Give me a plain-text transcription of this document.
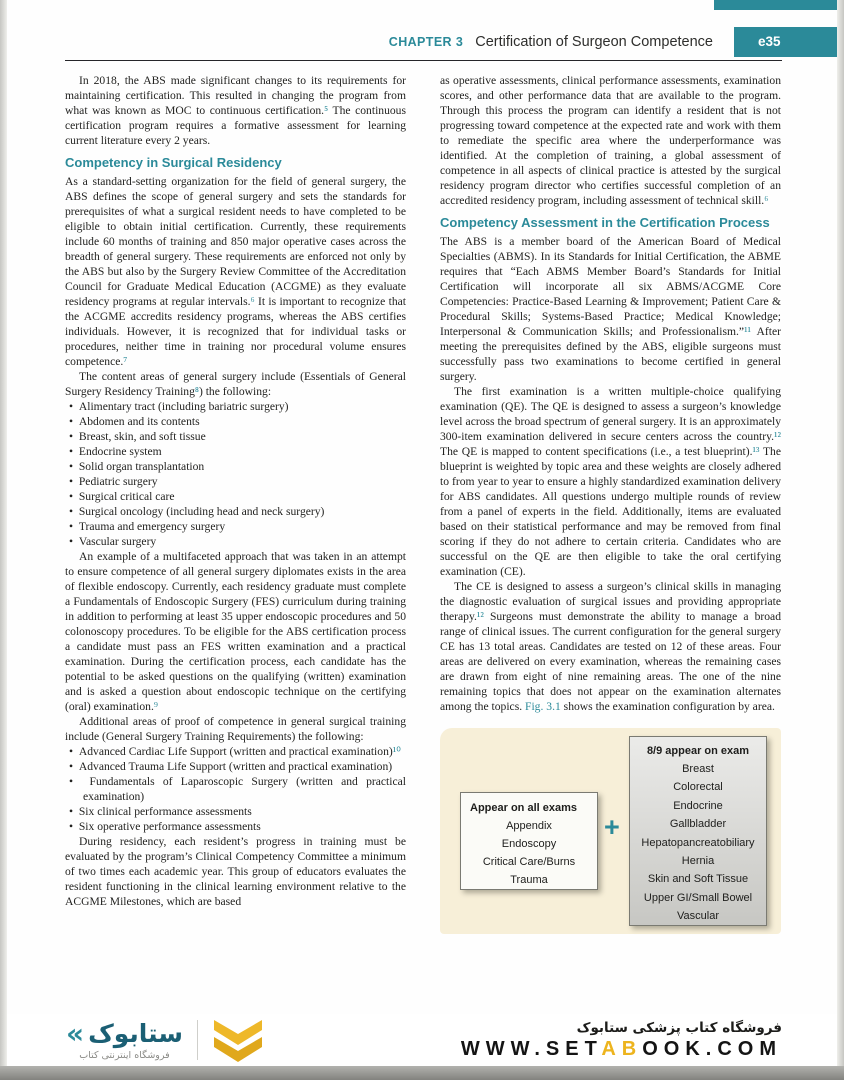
e35
CHAPTER 3 Certification of Surgeon Competence

In 2018, the ABS made significant changes to its requirements for maintaining certification. This resulted in changing the program from what was known as MOC to continuous certification.⁵ The continuous certification program requires a formative assessment for learning current literature every 2 years.

Competency in Surgical Residency

As a standard-setting organization for the field of general surgery, the ABS defines the scope of general surgery and sets the standards for prerequisites of what a surgical resident needs to have completed to be eligible to obtain initial certification. Currently, these requirements include 60 months of training and 850 major operative cases across the breadth of general surgery. These requirements are enforced not only by the ABS but also by the Surgery Review Committee of the Accreditation Council for Graduate Medical Education (ACGME) as they evaluate residency programs at regular intervals.⁶ It is important to recognize that the ACGME accredits residency programs, whereas the ABS certifies individuals. However, it is recognized that for individual tasks or procedures, neither time in training nor procedural volume ensures competence.⁷

The content areas of general surgery include (Essentials of General Surgery Residency Training⁸) the following:

•  Alimentary tract (including bariatric surgery)
•  Abdomen and its contents
•  Breast, skin, and soft tissue
•  Endocrine system
•  Solid organ transplantation
•  Pediatric surgery
•  Surgical critical care
•  Surgical oncology (including head and neck surgery)
•  Trauma and emergency surgery
•  Vascular surgery

An example of a multifaceted approach that was taken in an attempt to ensure competence of all general surgery diplomates exists in the area of flexible endoscopy. Currently, each residency graduate must complete a Fundamentals of Endoscopic Surgery (FES) curriculum during training in addition to performing at least 35 upper endoscopic procedures and 50 colonoscopy procedures. To be eligible for the ABS certification process a candidate must pass an FES written examination and a practical examination. During the certification process, each candidate has the potential to be asked questions on the qualifying (written) examination and is asked a question about endoscopic technique on the certifying (oral) examination.⁹

Additional areas of proof of competence in general surgical training include (General Surgery Training Requirements) the following:

•  Advanced Cardiac Life Support (written and practical examination)¹⁰
•  Advanced Trauma Life Support (written and practical examination)
•  Fundamentals of Laparoscopic Surgery (written and practical examination)
•  Six clinical performance assessments
•  Six operative performance assessments

During residency, each resident’s progress in training must be evaluated by the program’s Clinical Competency Committee a minimum of two times each academic year. This group of educators evaluates the resident functioning in the clinical learning environment relative to the ACGME Milestones, which are based

as operative assessments, clinical performance assessments, examination scores, and other performance data that are available to the program. Through this process the program can identify a resident that is not progressing toward competence at the expected rate and work with them to remediate the specific area where the underperformance was identified. At the completion of training, a global assessment of competence in all aspects of clinical practice is attested by the surgical residency program director who certifies successful completion of an accredited residency program, including assessment of technical skill.⁶

Competency Assessment in the Certification Process

The ABS is a member board of the American Board of Medical Specialties (ABMS). In its Standards for Initial Certification, the ABME requires that “Each ABMS Member Board’s Standards for Initial Certification will incorporate all six ABMS/ACGME Core Competencies: Practice-Based Learning & Improvement; Patient Care & Procedural Skills; Systems-Based Practice; Medical Knowledge; Interpersonal & Communication Skills; and Professionalism.”¹¹ After meeting the prerequisites defined by the ABS, eligible surgeons must successfully pass two examinations to become certified in general surgery.

The first examination is a written multiple-choice qualifying examination (QE). The QE is designed to assess a surgeon’s knowledge level across the broad spectrum of general surgery. It is an approximately 300-item examination delivered in secure centers across the country.¹² The QE is mapped to content specifications (i.e., a test blueprint).¹³ The blueprint is weighted by topic area and these weights are closely adhered to from year to year to ensure a highly standardized examination delivery for ABS candidates. All questions undergo multiple rounds of review from a panel of experts in the field. Additionally, items are evaluated based on their statistical performance and may be removed from final scoring if they do not adhere to certain criteria. Candidates who are successful on the QE are then eligible to take the oral certifying examination (CE).

The CE is designed to assess a surgeon’s clinical skills in managing the diagnostic evaluation of surgical issues and providing appropriate therapy.¹² Surgeons must demonstrate the ability to manage a broad range of clinical issues. The current configuration for the general surgery CE has 13 total areas. Candidates are tested on 12 of these areas. Four areas are delivered on every examination, whereas the remaining cases are drawn from eight of nine remaining areas. The one of the nine remaining topics that does not appear on the examination alternates among the topics. Fig. 3.1 shows the examination configuration by area.

Appear on all exams
Appendix
Endoscopy
Critical Care/Burns
Trauma
+
8/9 appear on exam
Breast
Colorectal
Endocrine
Gallbladder
Hepatopancreatobiliary
Hernia
Skin and Soft Tissue
Upper GI/Small Bowel
Vascular
« ستابوک
فروشگاه اینترنتی کتاب
فروشگاه کتاب پزشکی ستابوک
WWW.SETABOOK.COM
